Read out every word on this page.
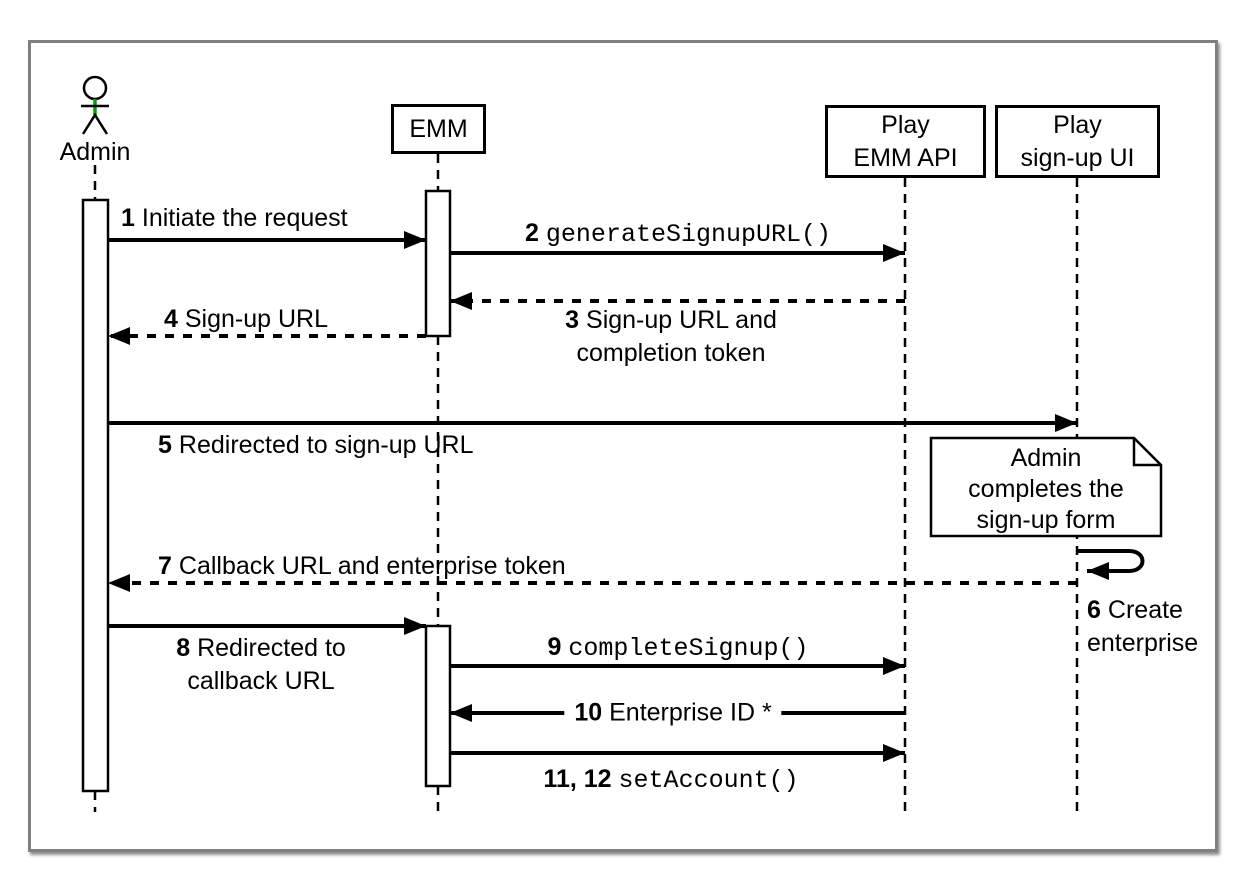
Admin
EMM	Play
EMM API
Play
sign-up UI
1 Initiate the request
2 generateSignupURL()
3 Sign-up URL and
completion token
4 Sign-up URL
5 Redirected to sign-up URL
6 Create
enterprise
7 Callback URL and enterprise token
8 Redirected to
callback URL
9 completeSignup()
10 Enterprise ID *
11, 12 setAccount()
Admin
completes the
sign-up form
